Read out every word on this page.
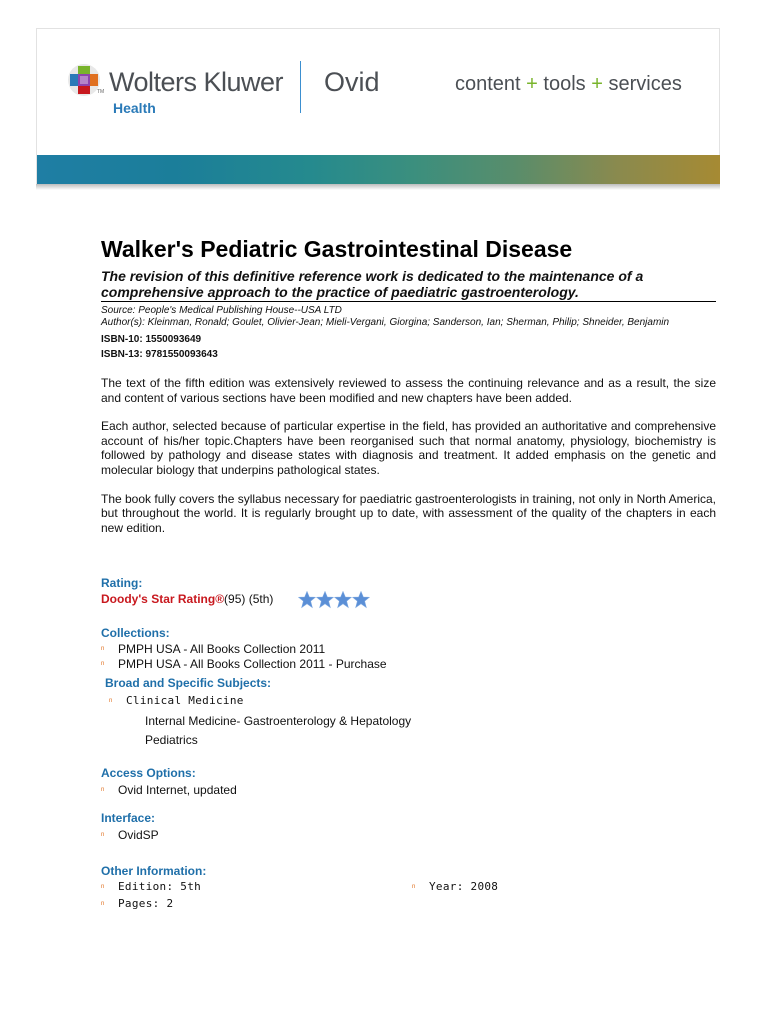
TM Wolters Kluwer
Health
Ovid	content + tools + services
Walker's Pediatric Gastrointestinal Disease
The revision of this definitive reference work is dedicated to the maintenance of a comprehensive approach to the practice of paediatric gastroenterology.
Source: People's Medical Publishing House--USA LTD
Author(s): Kleinman, Ronald; Goulet, Olivier-Jean; Mieli-Vergani, Giorgina; Sanderson, Ian; Sherman, Philip; Shneider, Benjamin
ISBN-10: 1550093649
ISBN-13: 9781550093643

The text of the fifth edition was extensively reviewed to assess the continuing relevance and as a result, the size and content of various sections have been modified and new chapters have been added.

Each author, selected because of particular expertise in the field, has provided an authoritative and comprehensive account of his/her topic.Chapters have been reorganised such that normal anatomy, physiology, biochemistry is followed by pathology and disease states with diagnosis and treatment. It added emphasis on the genetic and molecular biology that underpins pathological states.

The book fully covers the syllabus necessary for paediatric gastroenterologists in training, not only in North America, but throughout the world. It is regularly brought up to date, with assessment of the quality of the chapters in each new edition.

Rating:
Doody's Star Rating®(95) (5th)
Collections:
n	PMPH USA - All Books Collection 2011
n	PMPH USA - All Books Collection 2011 - Purchase
Broad and Specific Subjects:
n	Clinical Medicine
Internal Medicine- Gastroenterology & Hepatology
Pediatrics
Access Options:
n	Ovid Internet, updated
Interface:
n	OvidSP
Other Information:
n	Edition: 5th	n	Year: 2008
n	Pages: 2
